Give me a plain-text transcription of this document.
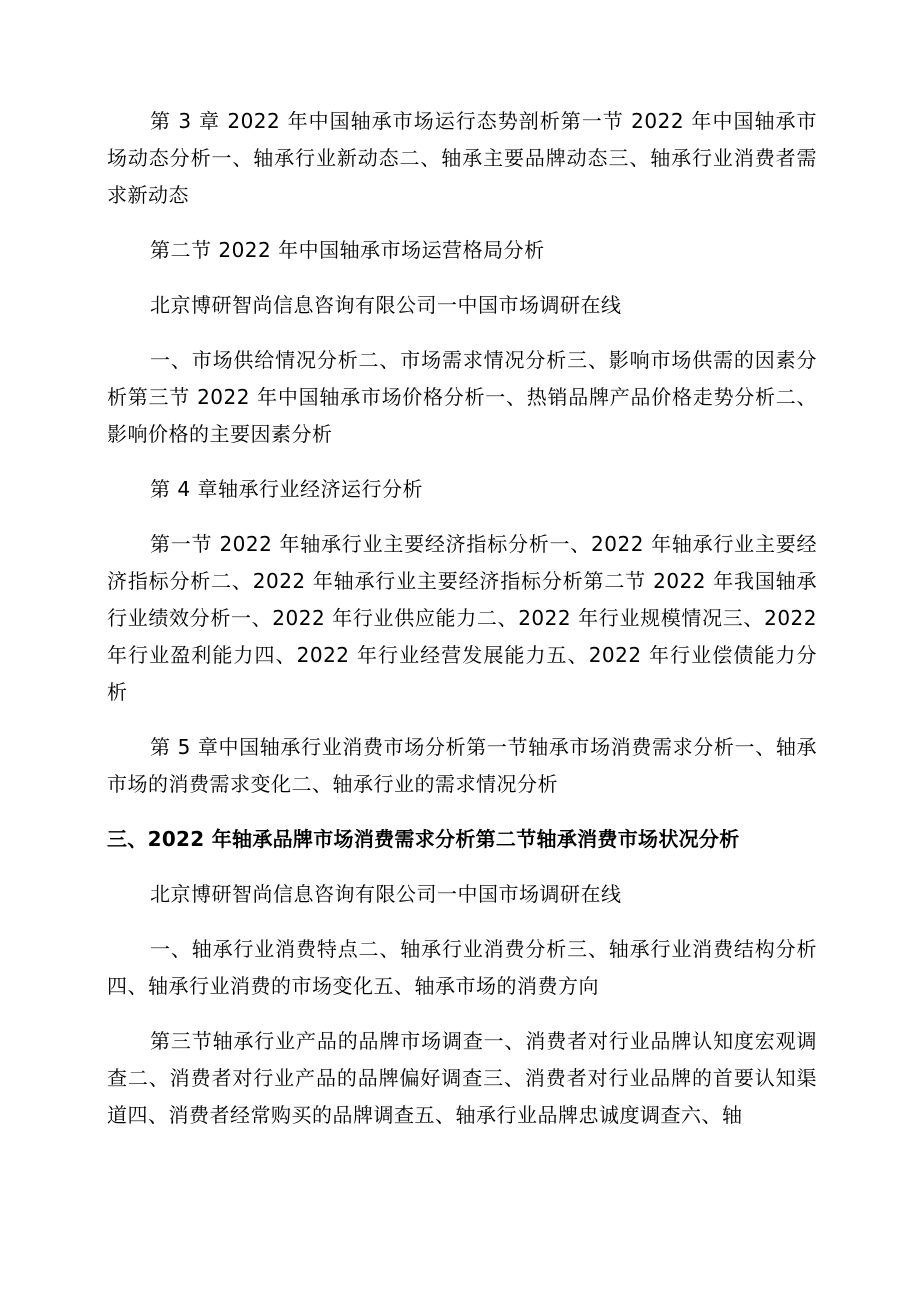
第 3 章 2022 年中国轴承市场运行态势剖析第一节 2022 年中国轴承市场动态分析一、轴承行业新动态二、轴承主要品牌动态三、轴承行业消费者需求新动态

第二节 2022 年中国轴承市场运营格局分析

北京博研智尚信息咨询有限公司一中国市场调研在线

一、市场供给情况分析二、市场需求情况分析三、影响市场供需的因素分析第三节 2022 年中国轴承市场价格分析一、热销品牌产品价格走势分析二、影响价格的主要因素分析

第 4 章轴承行业经济运行分析

第一节 2022 年轴承行业主要经济指标分析一、2022 年轴承行业主要经济指标分析二、2022 年轴承行业主要经济指标分析第二节 2022 年我国轴承行业绩效分析一、2022 年行业供应能力二、2022 年行业规模情况三、2022 年行业盈利能力四、2022 年行业经营发展能力五、2022 年行业偿债能力分析

第 5 章中国轴承行业消费市场分析第一节轴承市场消费需求分析一、轴承市场的消费需求变化二、轴承行业的需求情况分析

三、2022 年轴承品牌市场消费需求分析第二节轴承消费市场状况分析

北京博研智尚信息咨询有限公司一中国市场调研在线

一、轴承行业消费特点二、轴承行业消费分析三、轴承行业消费结构分析四、轴承行业消费的市场变化五、轴承市场的消费方向

第三节轴承行业产品的品牌市场调查一、消费者对行业品牌认知度宏观调查二、消费者对行业产品的品牌偏好调查三、消费者对行业品牌的首要认知渠道四、消费者经常购买的品牌调查五、轴承行业品牌忠诚度调查六、轴
